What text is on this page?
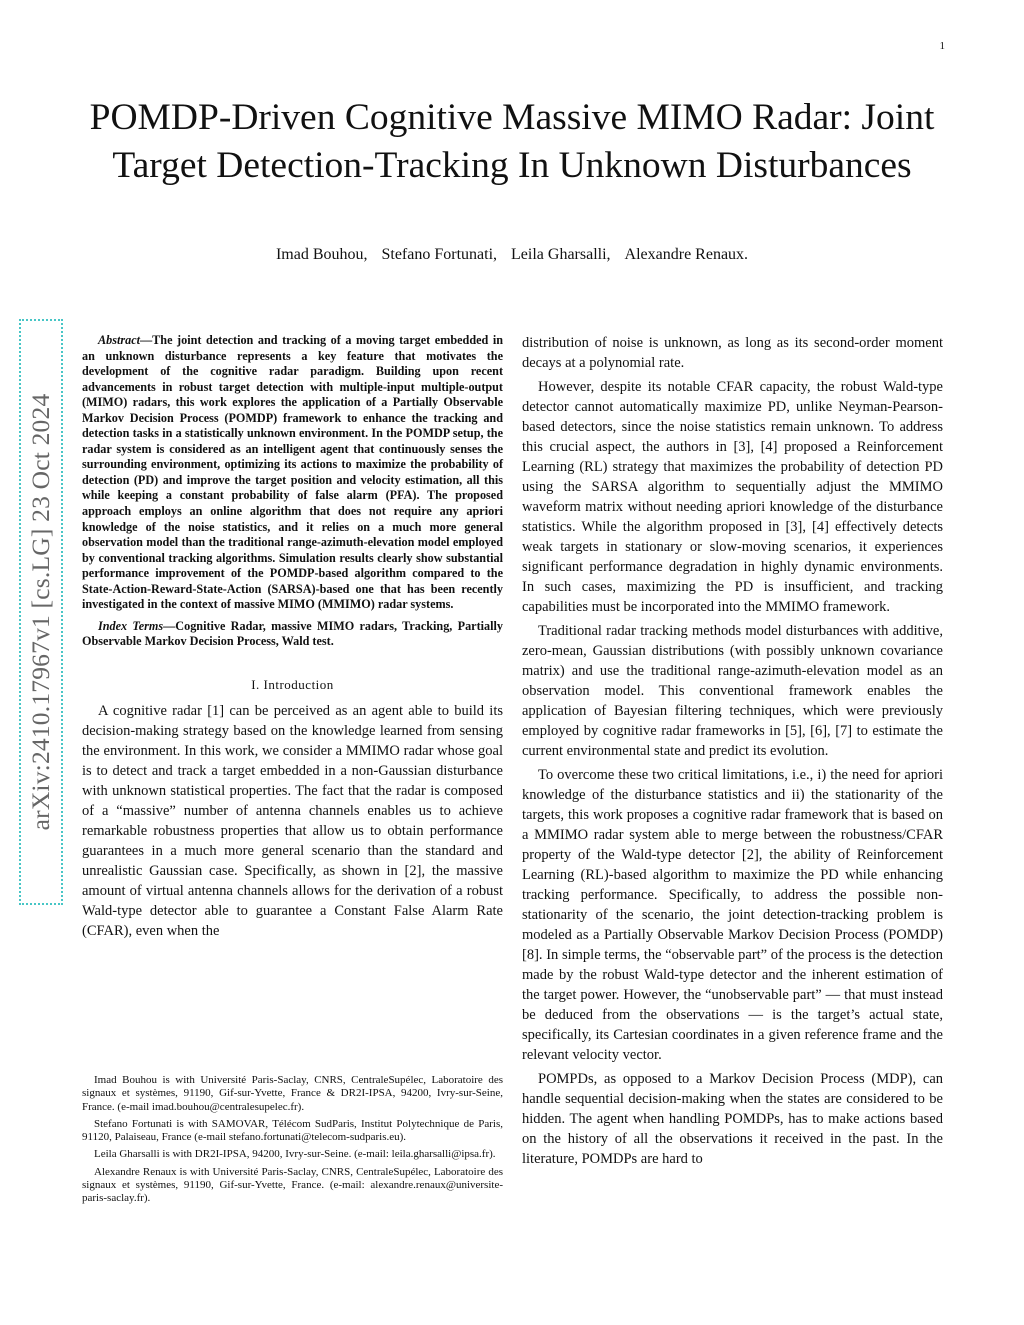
1
POMDP-Driven Cognitive Massive MIMO Radar: Joint Target Detection-Tracking In Unknown Disturbances
Imad Bouhou, Stefano Fortunati, Leila Gharsalli, Alexandre Renaux.
arXiv:2410.17967v1 [cs.LG] 23 Oct 2024

Abstract—The joint detection and tracking of a moving target embedded in an unknown disturbance represents a key feature that motivates the development of the cognitive radar paradigm. Building upon recent advancements in robust target detection with multiple-input multiple-output (MIMO) radars, this work explores the application of a Partially Observable Markov Decision Process (POMDP) framework to enhance the tracking and detection tasks in a statistically unknown environment. In the POMDP setup, the radar system is considered as an intelligent agent that continuously senses the surrounding environment, optimizing its actions to maximize the probability of detection (PD) and improve the target position and velocity estimation, all this while keeping a constant probability of false alarm (PFA). The proposed approach employs an online algorithm that does not require any apriori knowledge of the noise statistics, and it relies on a much more general observation model than the traditional range-azimuth-elevation model employed by conventional tracking algorithms. Simulation results clearly show substantial performance improvement of the POMDP-based algorithm compared to the State-Action-Reward-State-Action (SARSA)-based one that has been recently investigated in the context of massive MIMO (MMIMO) radar systems.

Index Terms—Cognitive Radar, massive MIMO radars, Tracking, Partially Observable Markov Decision Process, Wald test.

I. Introduction

A cognitive radar [1] can be perceived as an agent able to build its decision-making strategy based on the knowledge learned from sensing the environment. In this work, we consider a MMIMO radar whose goal is to detect and track a target embedded in a non-Gaussian disturbance with unknown statistical properties. The fact that the radar is composed of a “massive” number of antenna channels enables us to achieve remarkable robustness properties that allow us to obtain performance guarantees in a much more general scenario than the standard and unrealistic Gaussian case. Specifically, as shown in [2], the massive amount of virtual antenna channels allows for the derivation of a robust Wald-type detector able to guarantee a Constant False Alarm Rate (CFAR), even when the

Imad Bouhou is with Université Paris-Saclay, CNRS, CentraleSupélec, Laboratoire des signaux et systèmes, 91190, Gif-sur-Yvette, France & DR2I-IPSA, 94200, Ivry-sur-Seine, France. (e-mail imad.bouhou@centralesupelec.fr).

Stefano Fortunati is with SAMOVAR, Télécom SudParis, Institut Polytechnique de Paris, 91120, Palaiseau, France (e-mail stefano.fortunati@telecom-sudparis.eu).

Leila Gharsalli is with DR2I-IPSA, 94200, Ivry-sur-Seine. (e-mail: leila.gharsalli@ipsa.fr).

Alexandre Renaux is with Université Paris-Saclay, CNRS, CentraleSupélec, Laboratoire des signaux et systèmes, 91190, Gif-sur-Yvette, France. (e-mail: alexandre.renaux@universite-paris-saclay.fr).

distribution of noise is unknown, as long as its second-order moment decays at a polynomial rate.

However, despite its notable CFAR capacity, the robust Wald-type detector cannot automatically maximize PD, unlike Neyman-Pearson-based detectors, since the noise statistics remain unknown. To address this crucial aspect, the authors in [3], [4] proposed a Reinforcement Learning (RL) strategy that maximizes the probability of detection PD using the SARSA algorithm to sequentially adjust the MMIMO waveform matrix without needing apriori knowledge of the disturbance statistics. While the algorithm proposed in [3], [4] effectively detects weak targets in stationary or slow-moving scenarios, it experiences significant performance degradation in highly dynamic environments. In such cases, maximizing the PD is insufficient, and tracking capabilities must be incorporated into the MMIMO framework.

Traditional radar tracking methods model disturbances with additive, zero-mean, Gaussian distributions (with possibly unknown covariance matrix) and use the traditional range-azimuth-elevation model as an observation model. This conventional framework enables the application of Bayesian filtering techniques, which were previously employed by cognitive radar frameworks in [5], [6], [7] to estimate the current environmental state and predict its evolution.

To overcome these two critical limitations, i.e., i) the need for apriori knowledge of the disturbance statistics and ii) the stationarity of the targets, this work proposes a cognitive radar framework that is based on a MMIMO radar system able to merge between the robustness/CFAR property of the Wald-type detector [2], the ability of Reinforcement Learning (RL)-based algorithm to maximize the PD while enhancing tracking performance. Specifically, to address the possible non-stationarity of the scenario, the joint detection-tracking problem is modeled as a Partially Observable Markov Decision Process (POMDP) [8]. In simple terms, the “observable part” of the process is the detection made by the robust Wald-type detector and the inherent estimation of the target power. However, the “unobservable part” — that must instead be deduced from the observations — is the target’s actual state, specifically, its Cartesian coordinates in a given reference frame and the relevant velocity vector.

POMPDs, as opposed to a Markov Decision Process (MDP), can handle sequential decision-making when the states are considered to be hidden. The agent when handling POMDPs, has to make actions based on the history of all the observations it received in the past. In the literature, POMDPs are hard to
